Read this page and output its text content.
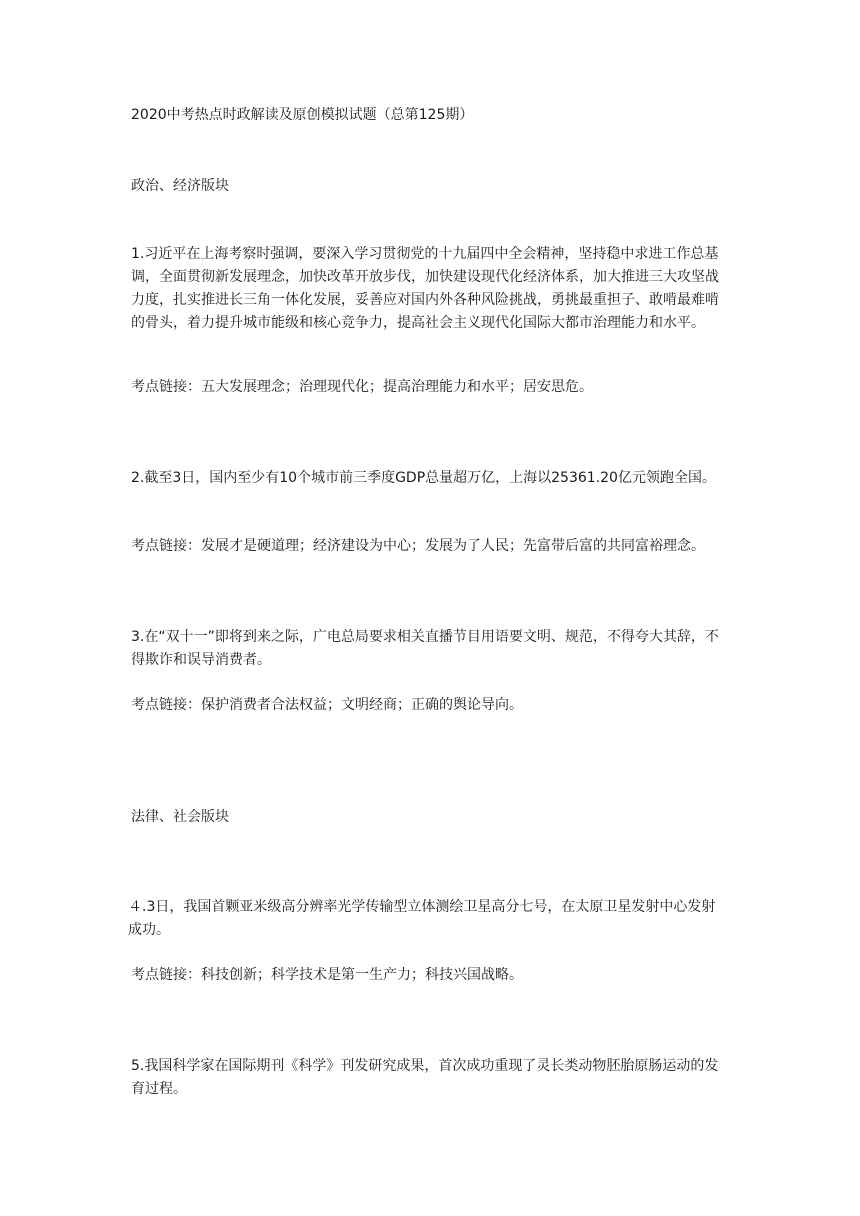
2020中考热点时政解读及原创模拟试题（总第125期）

政治、经济版块

1.习近平在上海考察时强调，要深入学习贯彻党的十九届四中全会精神，坚持稳中求进工作总基调，全面贯彻新发展理念，加快改革开放步伐，加快建设现代化经济体系，加大推进三大攻坚战力度，扎实推进长三角一体化发展，妥善应对国内外各种风险挑战，勇挑最重担子、敢啃最难啃的骨头，着力提升城市能级和核心竞争力，提高社会主义现代化国际大都市治理能力和水平。

考点链接：五大发展理念；治理现代化；提高治理能力和水平；居安思危。

2.截至3日，国内至少有10个城市前三季度GDP总量超万亿，上海以25361.20亿元领跑全国。

考点链接：发展才是硬道理；经济建设为中心；发展为了人民；先富带后富的共同富裕理念。

3.在“双十一”即将到来之际，广电总局要求相关直播节目用语要文明、规范，不得夸大其辞，不得欺诈和误导消费者。

考点链接：保护消费者合法权益；文明经商；正确的舆论导向。

法律、社会版块

４.3日，我国首颗亚米级高分辨率光学传输型立体测绘卫星高分七号，在太原卫星发射中心发射成功。

考点链接：科技创新；科学技术是第一生产力；科技兴国战略。

5.我国科学家在国际期刊《科学》刊发研究成果，首次成功重现了灵长类动物胚胎原肠运动的发育过程。
